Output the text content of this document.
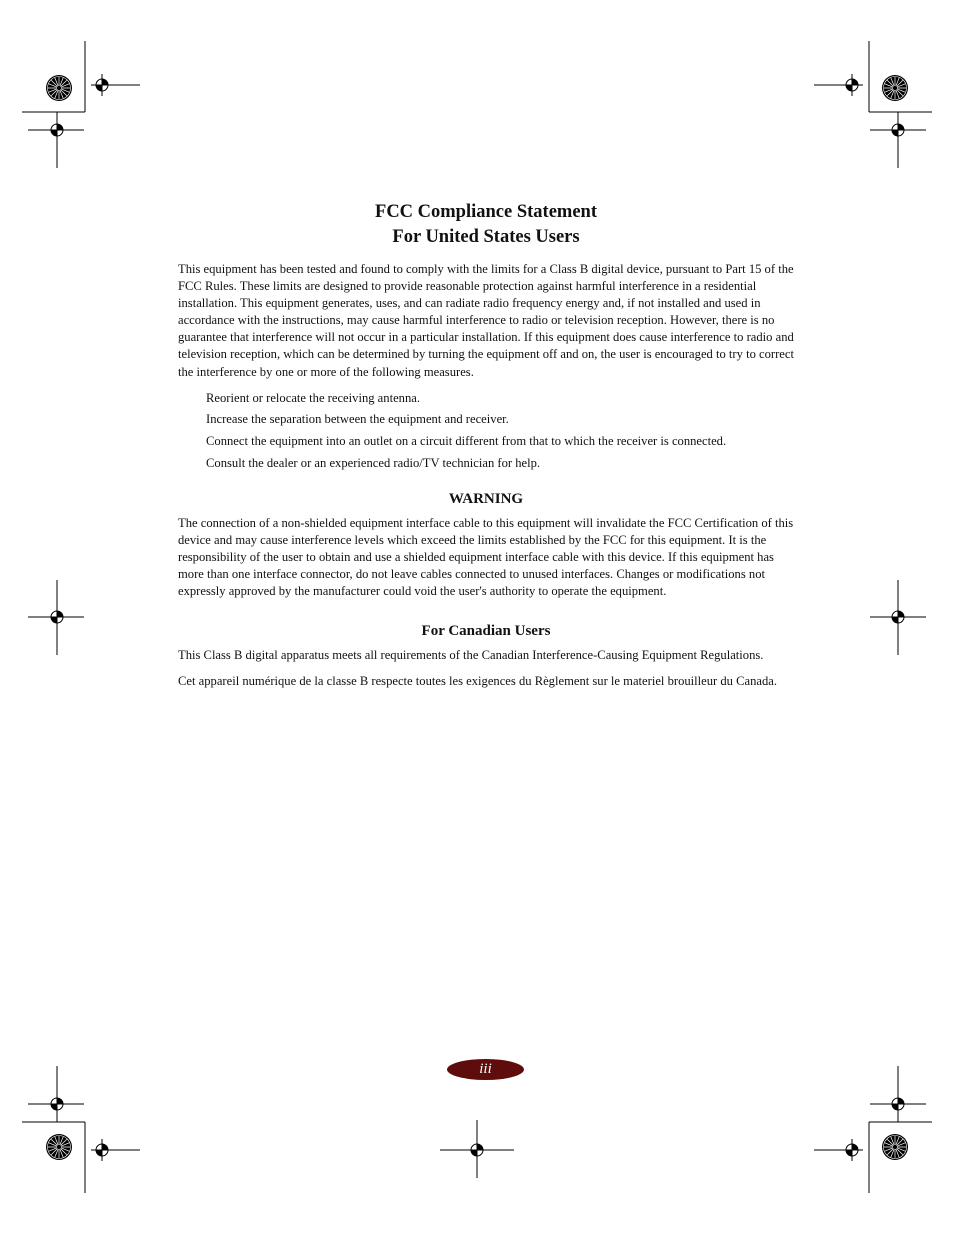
FCC Compliance Statement
For United States Users

This equipment has been tested and found to comply with the limits for a Class B digital device, pursuant to Part 15 of the FCC Rules. These limits are designed to provide reasonable protection against harmful interference in a residential installation. This equipment generates, uses, and can radiate radio frequency energy and, if not installed and used in accordance with the instructions, may cause harmful interference to radio or television reception. However, there is no guarantee that interference will not occur in a particular installation. If this equipment does cause interference to radio and television reception, which can be determined by turning the equipment off and on, the user is encouraged to try to correct the interference by one or more of the following measures.

Reorient or relocate the receiving antenna.
Increase the separation between the equipment and receiver.
Connect the equipment into an outlet on a circuit different from that to which the receiver is connected.
Consult the dealer or an experienced radio/TV technician for help.
WARNING

The connection of a non-shielded equipment interface cable to this equipment will invalidate the FCC Certification of this device and may cause interference levels which exceed the limits established by the FCC for this equipment. It is the responsibility of the user to obtain and use a shielded equipment interface cable with this device. If this equipment has more than one interface connector, do not leave cables connected to unused interfaces. Changes or modifications not expressly approved by the manufacturer could void the user's authority to operate the equipment.

For Canadian Users

This Class B digital apparatus meets all requirements of the Canadian Interference-Causing Equipment Regulations.

Cet appareil numérique de la classe B respecte toutes les exigences du Règlement sur le materiel brouilleur du Canada.

iii
